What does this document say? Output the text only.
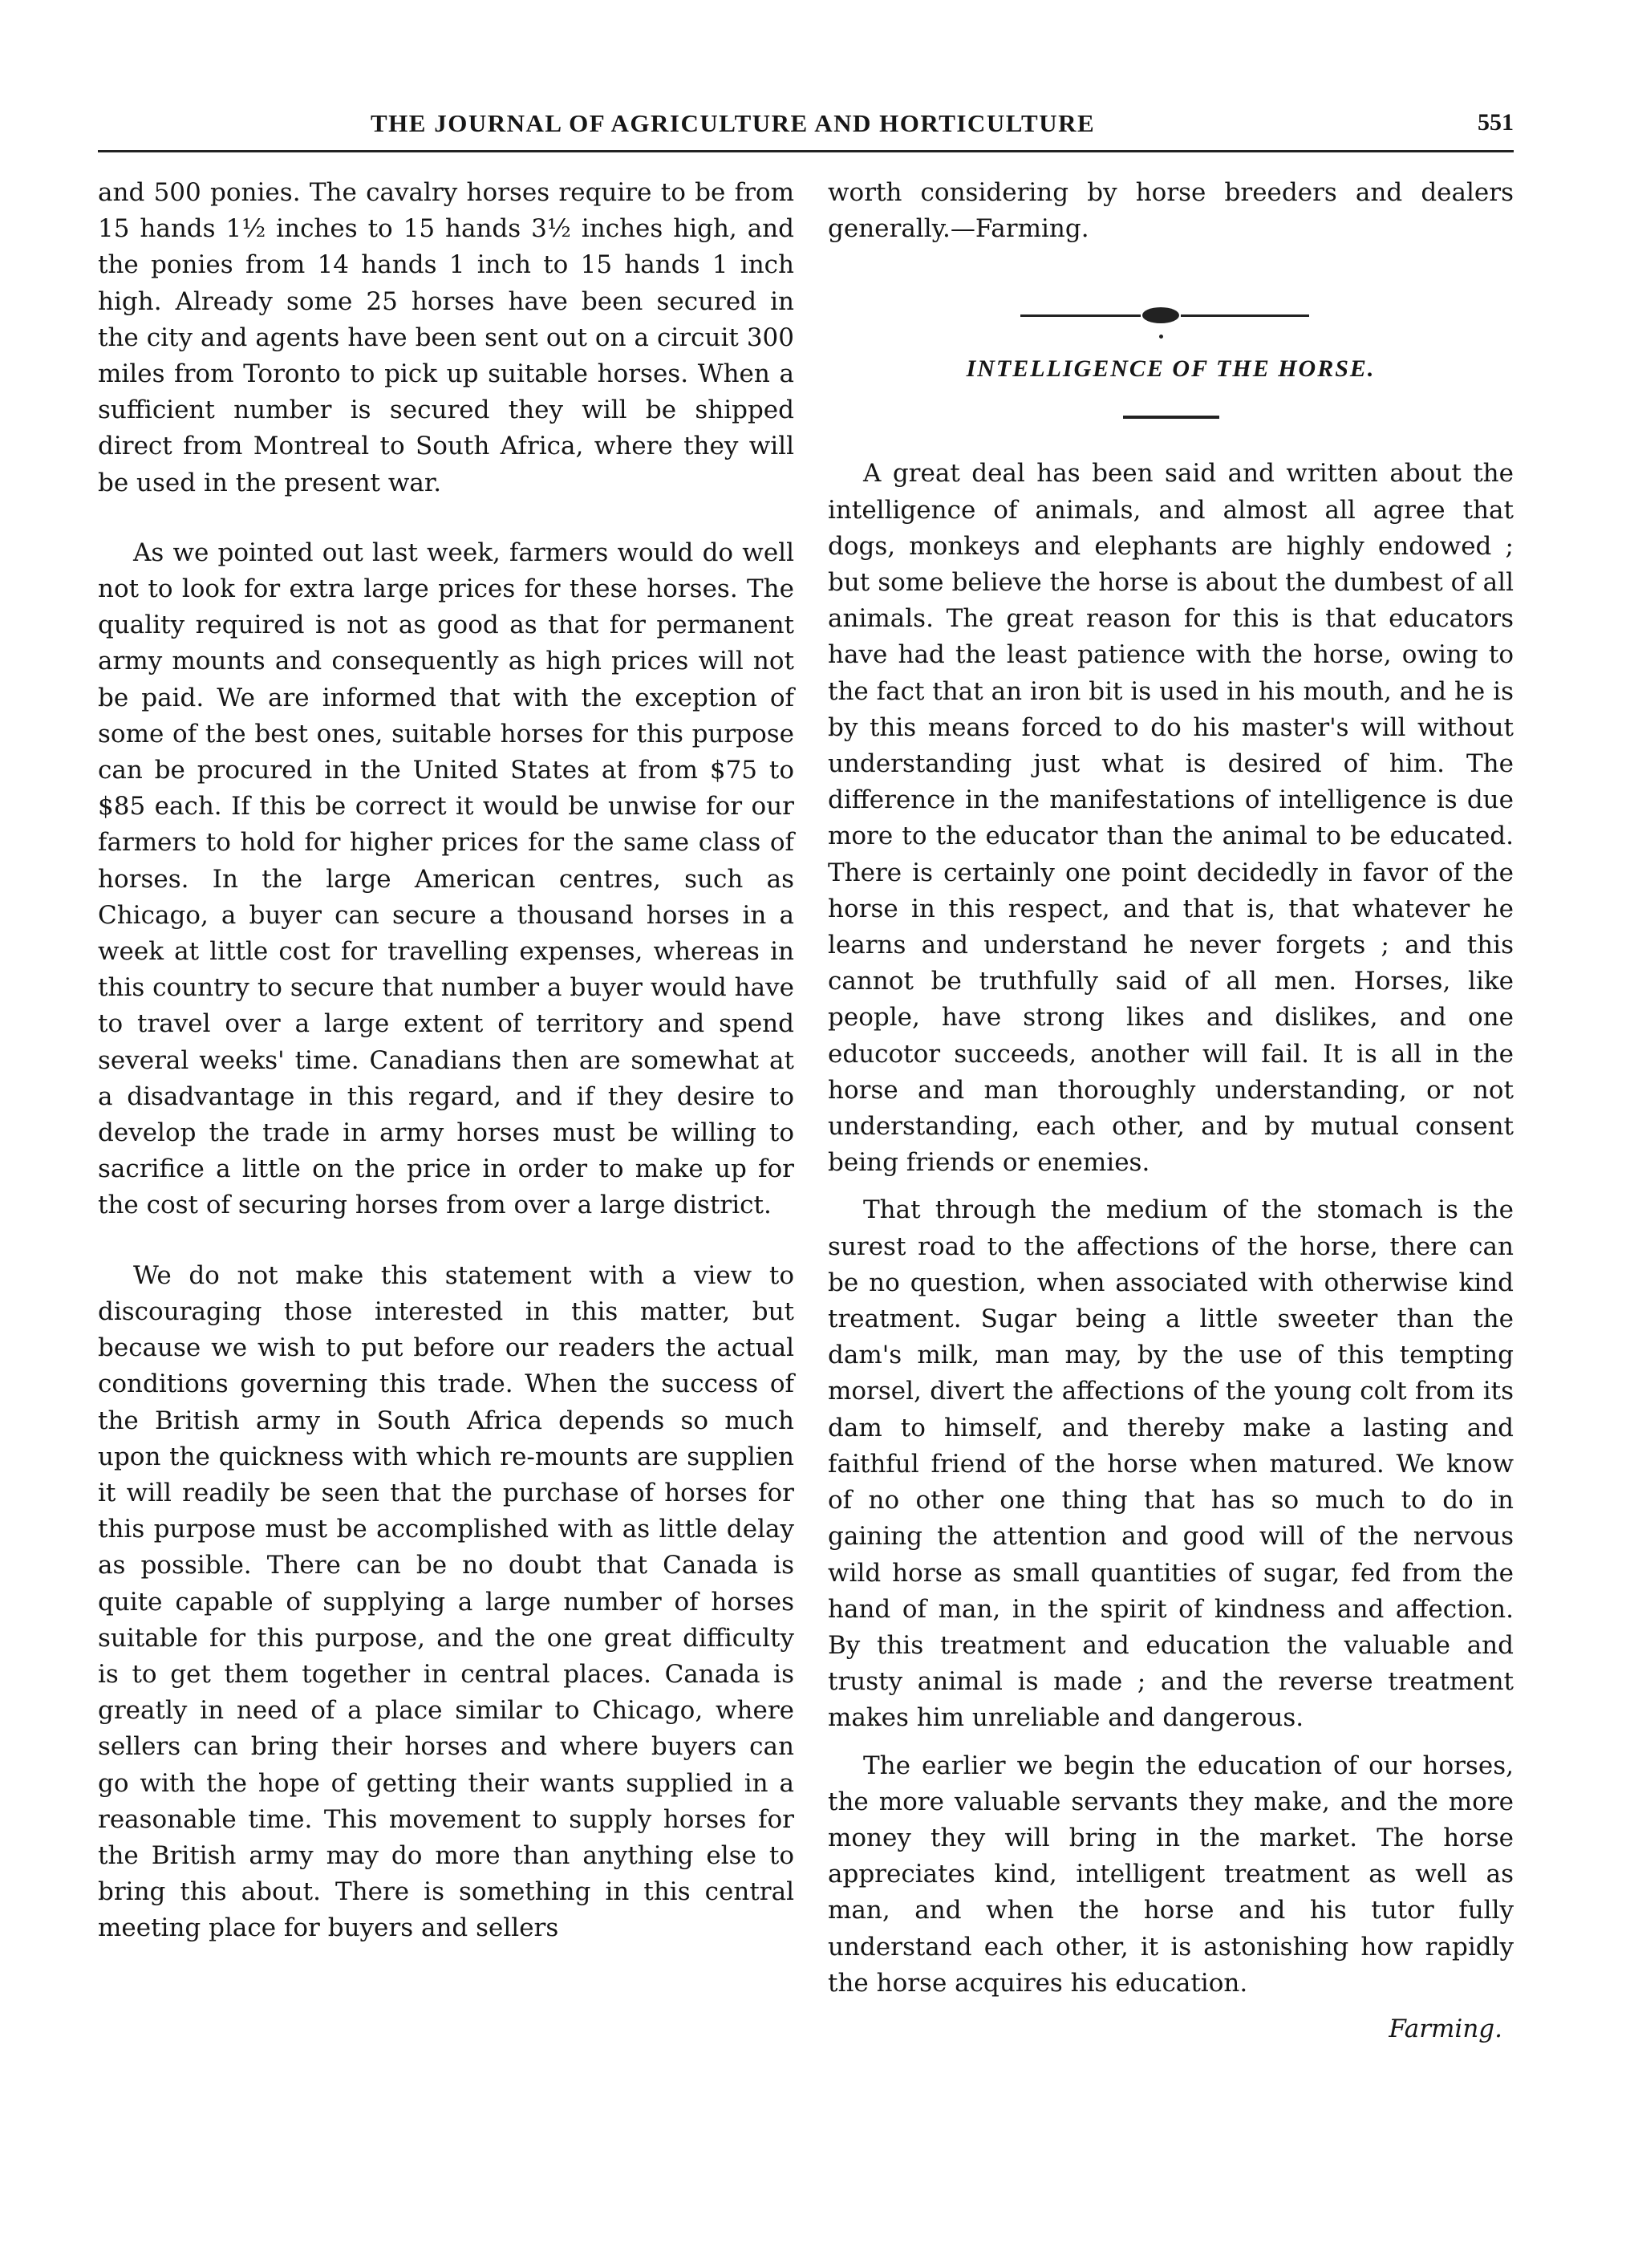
THE JOURNAL OF AGRICULTURE AND HORTICULTURE	551

and 500 ponies. The cavalry horses require to be from 15 hands 1½ inches to 15 hands 3½ inches high, and the ponies from 14 hands 1 inch to 15 hands 1 inch high. Already some 25 horses have been secured in the city and agents have been sent out on a circuit 300 miles from Toronto to pick up suitable horses. When a sufficient number is secured they will be shipped direct from Montreal to South Africa, where they will be used in the present war.

As we pointed out last week, farmers would do well not to look for extra large prices for these horses. The quality required is not as good as that for permanent army mounts and consequently as high prices will not be paid. We are informed that with the exception of some of the best ones, suitable horses for this purpose can be procured in the United States at from $75 to $85 each. If this be correct it would be unwise for our farmers to hold for higher prices for the same class of horses. In the large American centres, such as Chicago, a buyer can secure a thousand horses in a week at little cost for travelling expenses, whereas in this country to secure that number a buyer would have to travel over a large extent of territory and spend several weeks' time. Canadians then are somewhat at a disadvantage in this regard, and if they desire to develop the trade in army horses must be willing to sacrifice a little on the price in order to make up for the cost of securing horses from over a large district.

We do not make this statement with a view to discouraging those interested in this matter, but because we wish to put before our readers the actual conditions governing this trade. When the success of the British army in South Africa depends so much upon the quickness with which re-mounts are supplien it will readily be seen that the purchase of horses for this purpose must be accomplished with as little delay as possible. There can be no doubt that Canada is quite capable of supplying a large number of horses suitable for this purpose, and the one great difficulty is to get them together in central places. Canada is greatly in need of a place similar to Chicago, where sellers can bring their horses and where buyers can go with the hope of getting their wants supplied in a reasonable time. This movement to supply horses for the British army may do more than anything else to bring this about. There is something in this central meeting place for buyers and sellers

worth considering by horse breeders and dealers generally.—Farming.

INTELLIGENCE OF THE HORSE.

A great deal has been said and written about the intelligence of animals, and almost all agree that dogs, monkeys and elephants are highly endowed ; but some believe the horse is about the dumbest of all animals. The great reason for this is that educators have had the least patience with the horse, owing to the fact that an iron bit is used in his mouth, and he is by this means forced to do his master's will without understanding just what is desired of him. The difference in the manifestations of intelligence is due more to the educator than the animal to be educated. There is certainly one point decidedly in favor of the horse in this respect, and that is, that whatever he learns and understand he never forgets ; and this cannot be truthfully said of all men. Horses, like people, have strong likes and dislikes, and one educotor succeeds, another will fail. It is all in the horse and man thoroughly understanding, or not understanding, each other, and by mutual consent being friends or enemies.

That through the medium of the stomach is the surest road to the affections of the horse, there can be no question, when associated with otherwise kind treatment. Sugar being a little sweeter than the dam's milk, man may, by the use of this tempting morsel, divert the affections of the young colt from its dam to himself, and thereby make a lasting and faithful friend of the horse when matured. We know of no other one thing that has so much to do in gaining the attention and good will of the nervous wild horse as small quantities of sugar, fed from the hand of man, in the spirit of kindness and affection. By this treatment and education the valuable and trusty animal is made ; and the reverse treatment makes him unreliable and dangerous.

The earlier we begin the education of our horses, the more valuable servants they make, and the more money they will bring in the market. The horse appreciates kind, intelligent treatment as well as man, and when the horse and his tutor fully understand each other, it is astonishing how rapidly the horse acquires his education.

Farming.
